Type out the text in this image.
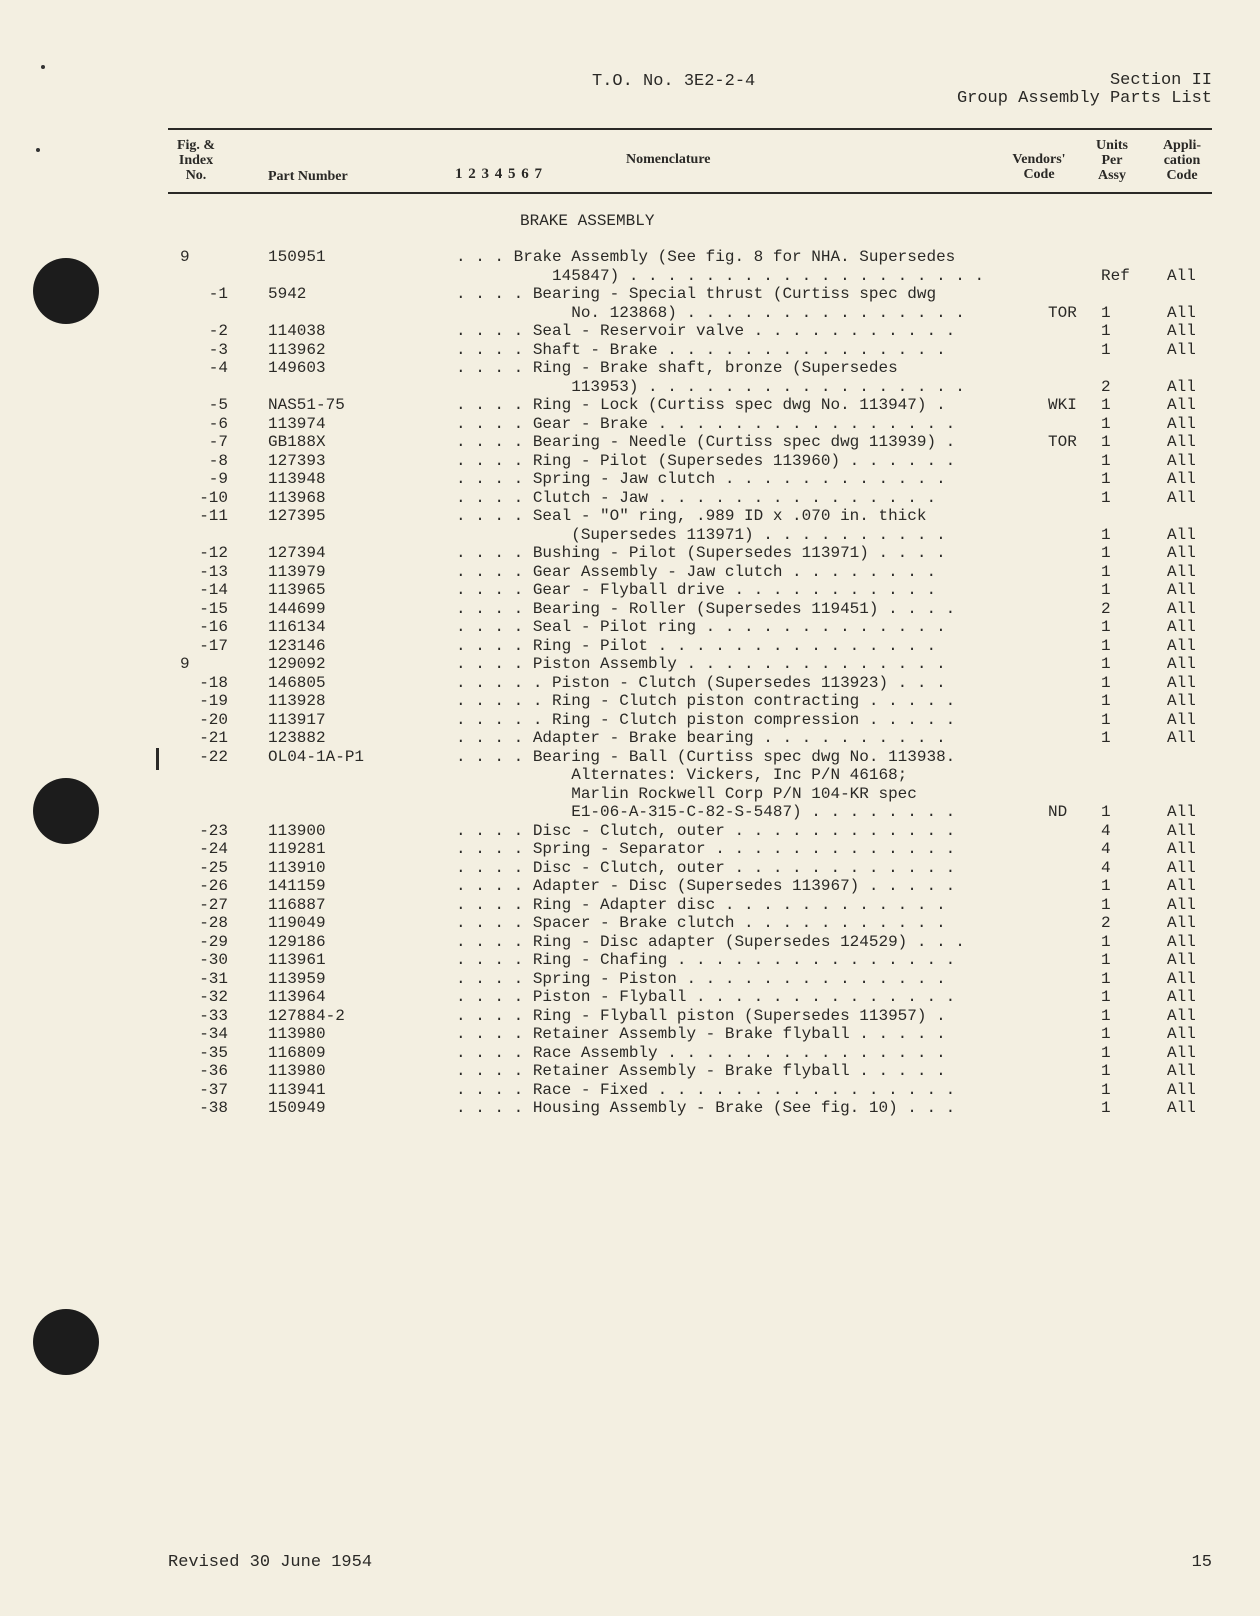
T.O. No. 3E2-2-4	Section II
Group Assembly Parts List
Fig. &
Index
No.	Part Number	1 2 3 4 5 6 7
Nomenclature	Vendors'
Code
Units
Per
Assy
Appli-
cation
Code
BRAKE ASSEMBLY
9	150951	. . . Brake Assembly (See fig. 8 for NHA. Supersedes
145847) . . . . . . . . . . . . . . . . . . .	Ref All
-1	5942	. . . . Bearing - Special thrust (Curtiss spec dwg
No. 123868) . . . . . . . . . . . . . . .	TOR 1	All
-2	114038	. . . . Seal - Reservoir valve . . . . . . . . . . .	1	All
-3	113962	. . . . Shaft - Brake . . . . . . . . . . . . . . .	1	All
-4	149603	. . . . Ring - Brake shaft, bronze (Supersedes
113953) . . . . . . . . . . . . . . . . .	2	All
-5	NAS51-75	. . . . Ring - Lock (Curtiss spec dwg No. 113947) .	WKI 1	All
-6	113974	. . . . Gear - Brake . . . . . . . . . . . . . . . .	1	All
-7	GB188X	. . . . Bearing - Needle (Curtiss spec dwg 113939) .	TOR 1	All
-8	127393	. . . . Ring - Pilot (Supersedes 113960) . . . . . .	1	All
-9	113948	. . . . Spring - Jaw clutch . . . . . . . . . . . .	1	All
-10	113968	. . . . Clutch - Jaw . . . . . . . . . . . . . . .	1	All
-11	127395	. . . . Seal - "O" ring, .989 ID x .070 in. thick
(Supersedes 113971) . . . . . . . . . .	1	All
-12	127394	. . . . Bushing - Pilot (Supersedes 113971) . . . .	1	All
-13	113979	. . . . Gear Assembly - Jaw clutch . . . . . . . .	1	All
-14	113965	. . . . Gear - Flyball drive . . . . . . . . . . .	1	All
-15	144699	. . . . Bearing - Roller (Supersedes 119451) . . . .	2	All
-16	116134	. . . . Seal - Pilot ring . . . . . . . . . . . . .	1	All
-17	123146	. . . . Ring - Pilot . . . . . . . . . . . . . . .	1	All
9	129092	. . . . Piston Assembly . . . . . . . . . . . . . .	1	All
-18	146805	. . . . . Piston - Clutch (Supersedes 113923) . . .	1	All
-19	113928	. . . . . Ring - Clutch piston contracting . . . . .	1	All
-20	113917	. . . . . Ring - Clutch piston compression . . . . .	1	All
-21	123882	. . . . Adapter - Brake bearing . . . . . . . . . .	1	All
-22	OL04-1A-P1	. . . . Bearing - Ball (Curtiss spec dwg No. 113938.
Alternates: Vickers, Inc P/N 46168;
Marlin Rockwell Corp P/N 104-KR spec
E1-06-A-315-C-82-S-5487) . . . . . . . .	ND 1	All
-23	113900	. . . . Disc - Clutch, outer . . . . . . . . . . . .	4	All
-24	119281	. . . . Spring - Separator . . . . . . . . . . . . .	4	All
-25	113910	. . . . Disc - Clutch, outer . . . . . . . . . . . .	4	All
-26	141159	. . . . Adapter - Disc (Supersedes 113967) . . . . .	1	All
-27	116887	. . . . Ring - Adapter disc . . . . . . . . . . . .	1	All
-28	119049	. . . . Spacer - Brake clutch . . . . . . . . . . .	2	All
-29	129186	. . . . Ring - Disc adapter (Supersedes 124529) . . .	1	All
-30	113961	. . . . Ring - Chafing . . . . . . . . . . . . . . .	1	All
-31	113959	. . . . Spring - Piston . . . . . . . . . . . . . .	1	All
-32	113964	. . . . Piston - Flyball . . . . . . . . . . . . . .	1	All
-33	127884-2	. . . . Ring - Flyball piston (Supersedes 113957) .	1	All
-34	113980	. . . . Retainer Assembly - Brake flyball . . . . .	1	All
-35	116809	. . . . Race Assembly . . . . . . . . . . . . . . .	1	All
-36	113980	. . . . Retainer Assembly - Brake flyball . . . . .	1	All
-37	113941	. . . . Race - Fixed . . . . . . . . . . . . . . . .	1	All
-38	150949	. . . . Housing Assembly - Brake (See fig. 10) . . .	1	All
Revised 30 June 1954	15
